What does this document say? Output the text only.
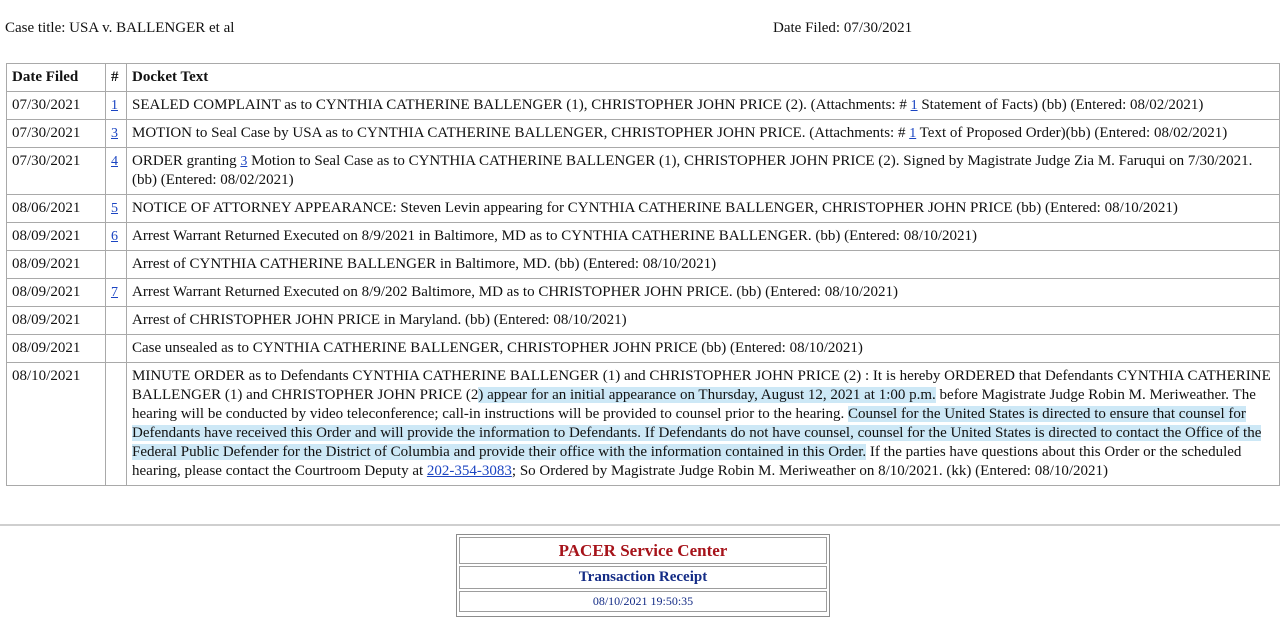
Case title: USA v. BALLENGER et al	Date Filed: 07/30/2021
Date Filed	#	Docket Text
07/30/2021	1	SEALED COMPLAINT as to CYNTHIA CATHERINE BALLENGER (1), CHRISTOPHER JOHN PRICE (2). (Attachments: # 1 Statement of Facts) (bb) (Entered: 08/02/2021)
07/30/2021	3	MOTION to Seal Case by USA as to CYNTHIA CATHERINE BALLENGER, CHRISTOPHER JOHN PRICE. (Attachments: # 1 Text of Proposed Order)(bb) (Entered: 08/02/2021)
07/30/2021	4	ORDER granting 3 Motion to Seal Case as to CYNTHIA CATHERINE BALLENGER (1), CHRISTOPHER JOHN PRICE (2). Signed by Magistrate Judge Zia M. Faruqui on 7/30/2021. (bb) (Entered: 08/02/2021)
08/06/2021	5	NOTICE OF ATTORNEY APPEARANCE: Steven Levin appearing for CYNTHIA CATHERINE BALLENGER, CHRISTOPHER JOHN PRICE (bb) (Entered: 08/10/2021)
08/09/2021	6	Arrest Warrant Returned Executed on 8/9/2021 in Baltimore, MD as to CYNTHIA CATHERINE BALLENGER. (bb) (Entered: 08/10/2021)
08/09/2021		Arrest of CYNTHIA CATHERINE BALLENGER in Baltimore, MD. (bb) (Entered: 08/10/2021)
08/09/2021	7	Arrest Warrant Returned Executed on 8/9/202 Baltimore, MD as to CHRISTOPHER JOHN PRICE. (bb) (Entered: 08/10/2021)
08/09/2021		Arrest of CHRISTOPHER JOHN PRICE in Maryland. (bb) (Entered: 08/10/2021)
08/09/2021		Case unsealed as to CYNTHIA CATHERINE BALLENGER, CHRISTOPHER JOHN PRICE (bb) (Entered: 08/10/2021)
08/10/2021		MINUTE ORDER as to Defendants CYNTHIA CATHERINE BALLENGER (1) and CHRISTOPHER JOHN PRICE (2) : It is hereby ORDERED that Defendants CYNTHIA CATHERINE BALLENGER (1) and CHRISTOPHER JOHN PRICE (2) appear for an initial appearance on Thursday, August 12, 2021 at 1:00 p.m. before Magistrate Judge Robin M. Meriweather. The hearing will be conducted by video teleconference; call-in instructions will be provided to counsel prior to the hearing. Counsel for the United States is directed to ensure that counsel for Defendants have received this Order and will provide the information to Defendants. If Defendants do not have counsel, counsel for the United States is directed to contact the Office of the Federal Public Defender for the District of Columbia and provide their office with the information contained in this Order. If the parties have questions about this Order or the scheduled hearing, please contact the Courtroom Deputy at 202-354-3083; So Ordered by Magistrate Judge Robin M. Meriweather on 8/10/2021. (kk) (Entered: 08/10/2021)
PACER Service Center
Transaction Receipt
08/10/2021 19:50:35
